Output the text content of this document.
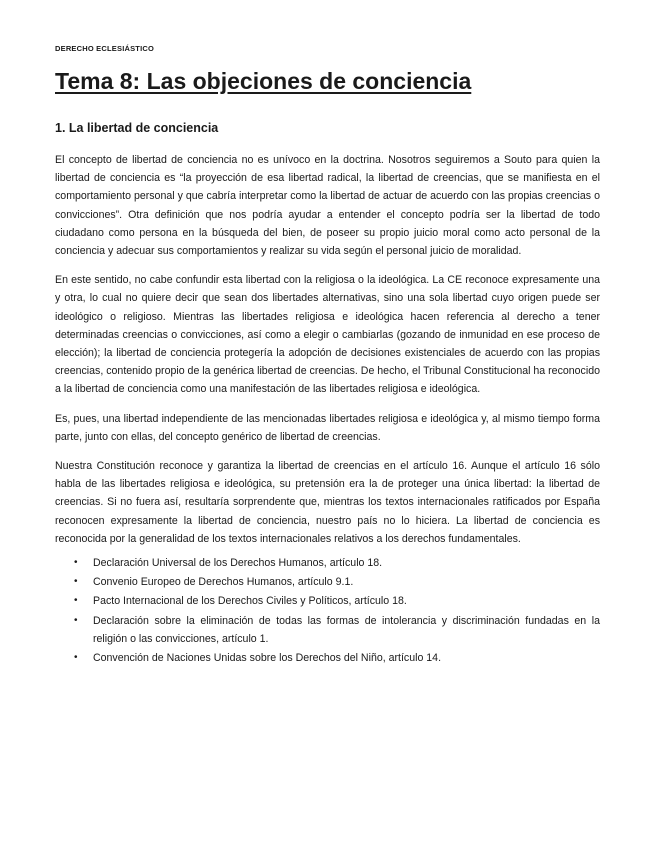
DERECHO ECLESIÁSTICO
Tema 8: Las objeciones de conciencia
1. La libertad de conciencia

El concepto de libertad de conciencia no es unívoco en la doctrina. Nosotros seguiremos a Souto para quien la libertad de conciencia es “la proyección de esa libertad radical, la libertad de creencias, que se manifiesta en el comportamiento personal y que cabría interpretar como la libertad de actuar de acuerdo con las propias creencias o convicciones”. Otra definición que nos podría ayudar a entender el concepto podría ser la libertad de todo ciudadano como persona en la búsqueda del bien, de poseer su propio juicio moral como acto personal de la conciencia y adecuar sus comportamientos y realizar su vida según el personal juicio de moralidad.

En este sentido, no cabe confundir esta libertad con la religiosa o la ideológica. La CE reconoce expresamente una y otra, lo cual no quiere decir que sean dos libertades alternativas, sino una sola libertad cuyo origen puede ser ideológico o religioso. Mientras las libertades religiosa e ideológica hacen referencia al derecho a tener determinadas creencias o convicciones, así como a elegir o cambiarlas (gozando de inmunidad en ese proceso de elección); la libertad de conciencia protegería la adopción de decisiones existenciales de acuerdo con las propias creencias, contenido propio de la genérica libertad de creencias. De hecho, el Tribunal Constitucional ha reconocido a la libertad de conciencia como una manifestación de las libertades religiosa e ideológica.

Es, pues, una libertad independiente de las mencionadas libertades religiosa e ideológica y, al mismo tiempo forma parte, junto con ellas, del concepto genérico de libertad de creencias.

Nuestra Constitución reconoce y garantiza la libertad de creencias en el artículo 16. Aunque el artículo 16 sólo habla de las libertades religiosa e ideológica, su pretensión era la de proteger una única libertad: la libertad de creencias. Si no fuera así, resultaría sorprendente que, mientras los textos internacionales ratificados por España reconocen expresamente la libertad de conciencia, nuestro país no lo hiciera. La libertad de conciencia es reconocida por la generalidad de los textos internacionales relativos a los derechos fundamentales.

• Declaración Universal de los Derechos Humanos, artículo 18.
• Convenio Europeo de Derechos Humanos, artículo 9.1.
• Pacto Internacional de los Derechos Civiles y Políticos, artículo 18.
• Declaración sobre la eliminación de todas las formas de intolerancia y discriminación fundadas en la religión o las convicciones, artículo 1.
• Convención de Naciones Unidas sobre los Derechos del Niño, artículo 14.
